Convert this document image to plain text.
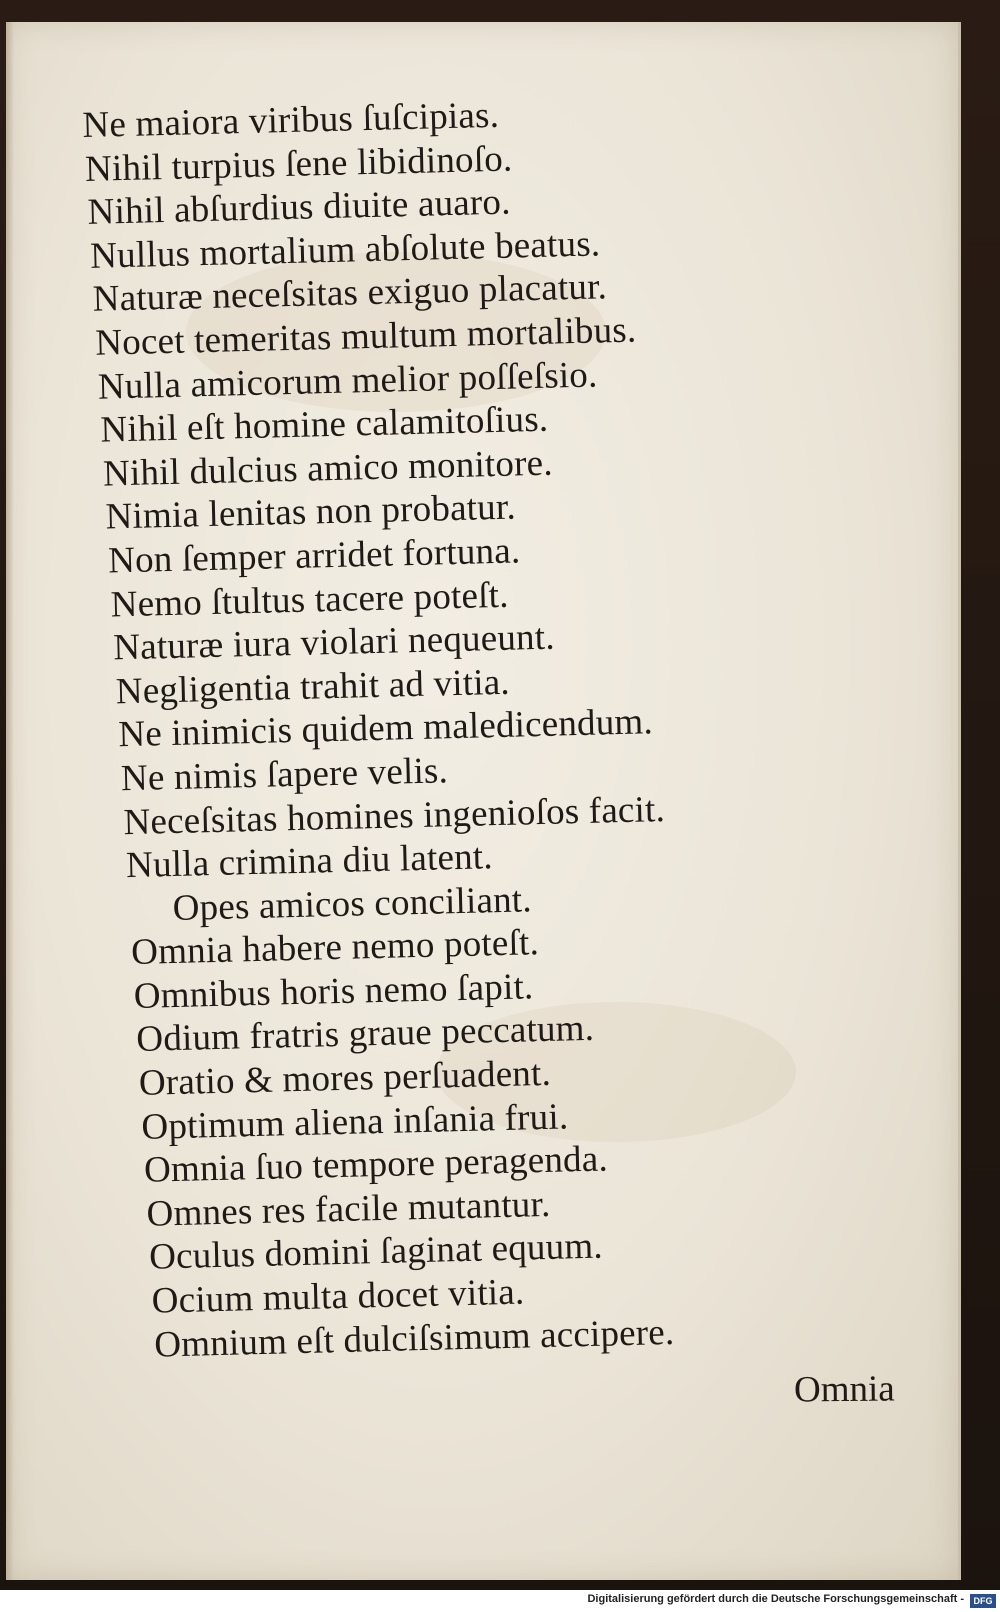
Ne maiora viribus ſuſcipias.
Nihil turpius ſene libidinoſo.
Nihil abſurdius diuite auaro.
Nullus mortalium abſolute beatus.
Naturæ neceſsitas exiguo placatur.
Nocet temeritas multum mortalibus.
Nulla amicorum melior poſſeſsio.
Nihil eſt homine calamitoſius.
Nihil dulcius amico monitore.
Nimia lenitas non probatur.
Non ſemper arridet fortuna.
Nemo ſtultus tacere poteſt.
Naturæ iura violari nequeunt.
Negligentia trahit ad vitia.
Ne inimicis quidem maledicendum.
Ne nimis ſapere velis.
Neceſsitas homines ingenioſos facit.
Nulla crimina diu latent.
Opes amicos conciliant.
Omnia habere nemo poteſt.
Omnibus horis nemo ſapit.
Odium fratris graue peccatum.
Oratio & mores perſuadent.
Optimum aliena inſania frui.
Omnia ſuo tempore peragenda.
Omnes res facile mutantur.
Oculus domini ſaginat equum.
Ocium multa docet vitia.
Omnium eſt dulciſsimum accipere.
Omnia
Digitalisierung gefördert durch die Deutsche Forschungsgemeinschaft -	DFG
